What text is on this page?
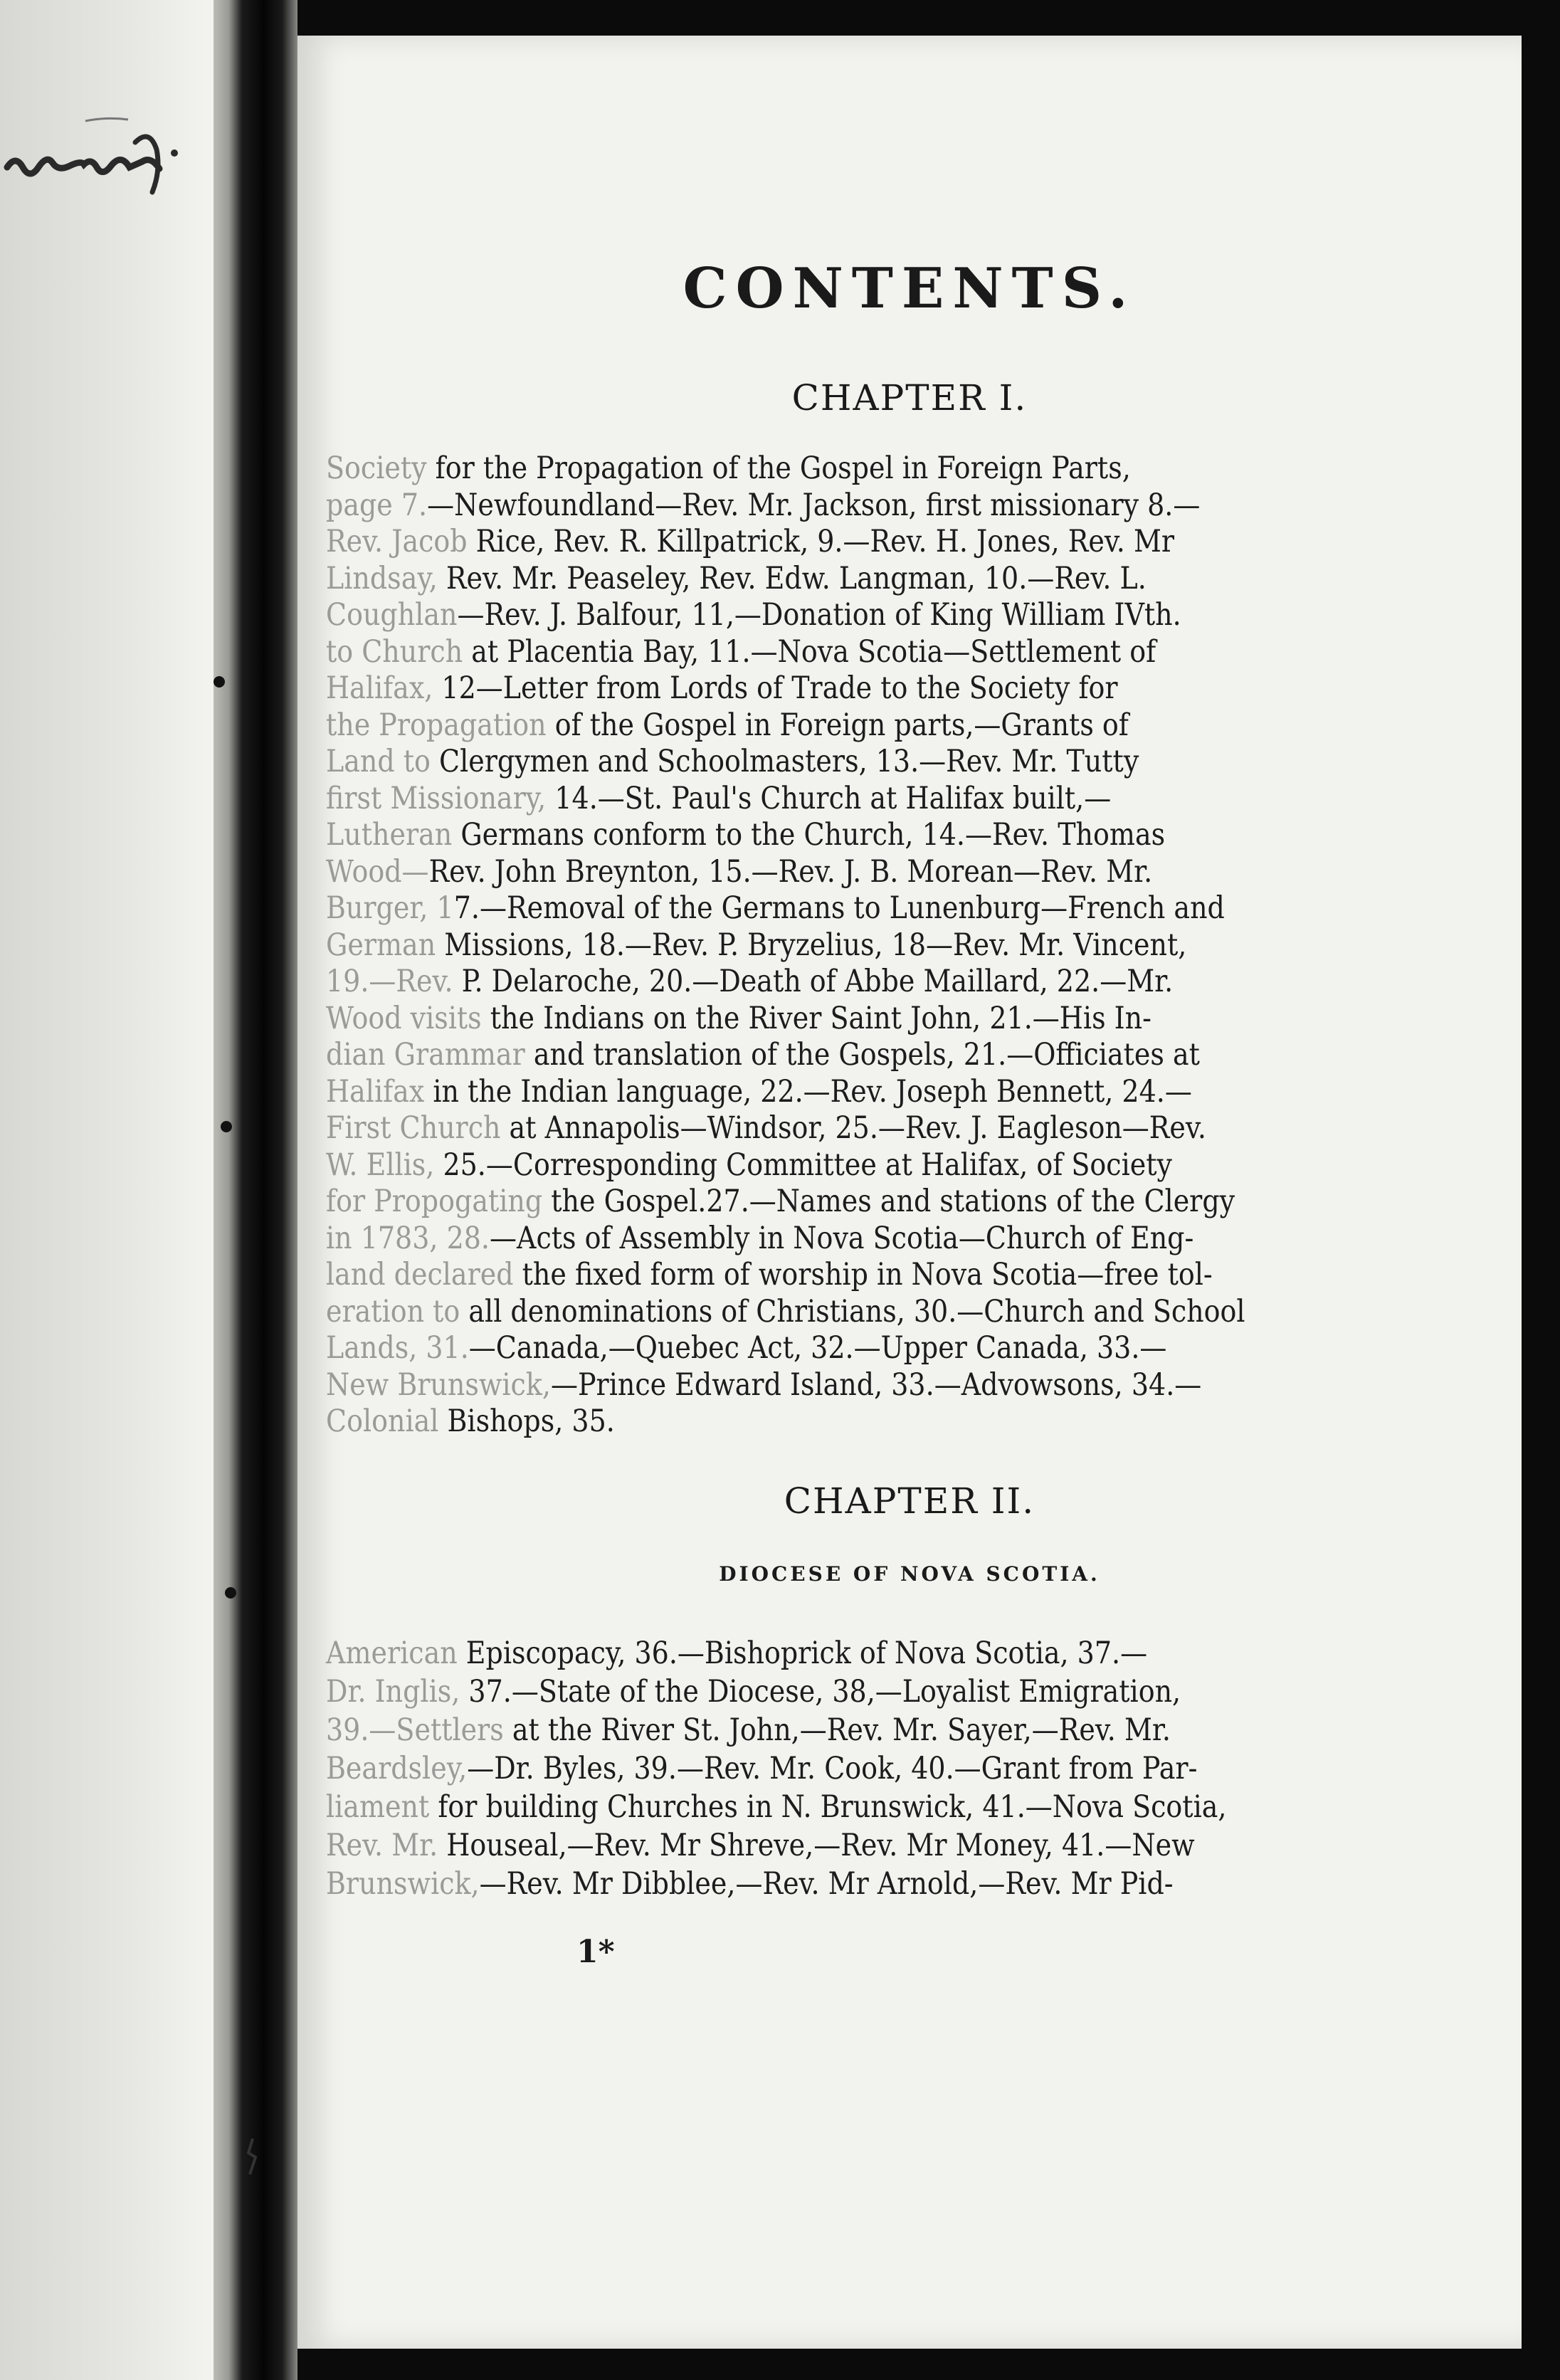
CONTENTS.
CHAPTER I.
Society for the Propagation of the Gospel in Foreign Parts,
page 7.—Newfoundland—Rev. Mr. Jackson, first missionary 8.—
Rev. Jacob Rice, Rev. R. Killpatrick, 9.—Rev. H. Jones, Rev. Mr
Lindsay, Rev. Mr. Peaseley, Rev. Edw. Langman, 10.—Rev. L.
Coughlan—Rev. J. Balfour, 11,—Donation of King William IVth.
to Church at Placentia Bay, 11.—Nova Scotia—Settlement of
Halifax, 12—Letter from Lords of Trade to the Society for
the Propagation of the Gospel in Foreign parts,—Grants of
Land to Clergymen and Schoolmasters, 13.—Rev. Mr. Tutty
first Missionary, 14.—St. Paul's Church at Halifax built,—
Lutheran Germans conform to the Church, 14.—Rev. Thomas
Wood—Rev. John Breynton, 15.—Rev. J. B. Morean—Rev. Mr.
Burger, 17.—Removal of the Germans to Lunenburg—French and
German Missions, 18.—Rev. P. Bryzelius, 18—Rev. Mr. Vincent,
19.—Rev. P. Delaroche, 20.—Death of Abbe Maillard, 22.—Mr.
Wood visits the Indians on the River Saint John, 21.—His In-
dian Grammar and translation of the Gospels, 21.—Officiates at
Halifax in the Indian language, 22.—Rev. Joseph Bennett, 24.—
First Church at Annapolis—Windsor, 25.—Rev. J. Eagleson—Rev.
W. Ellis, 25.—Corresponding Committee at Halifax, of Society
for Propogating the Gospel.27.—Names and stations of the Clergy
in 1783, 28.—Acts of Assembly in Nova Scotia—Church of Eng-
land declared the fixed form of worship in Nova Scotia—free tol-
eration to all denominations of Christians, 30.—Church and School
Lands, 31.—Canada,—Quebec Act, 32.—Upper Canada, 33.—
New Brunswick,—Prince Edward Island, 33.—Advowsons, 34.—
Colonial Bishops, 35.
CHAPTER II.
DIOCESE OF NOVA SCOTIA.
American Episcopacy, 36.—Bishoprick of Nova Scotia, 37.—
Dr. Inglis, 37.—State of the Diocese, 38,—Loyalist Emigration,
39.—Settlers at the River St. John,—Rev. Mr. Sayer,—Rev. Mr.
Beardsley,—Dr. Byles, 39.—Rev. Mr. Cook, 40.—Grant from Par-
liament for building Churches in N. Brunswick, 41.—Nova Scotia,
Rev. Mr. Houseal,—Rev. Mr Shreve,—Rev. Mr Money, 41.—New
Brunswick,—Rev. Mr Dibblee,—Rev. Mr Arnold,—Rev. Mr Pid-
1*
